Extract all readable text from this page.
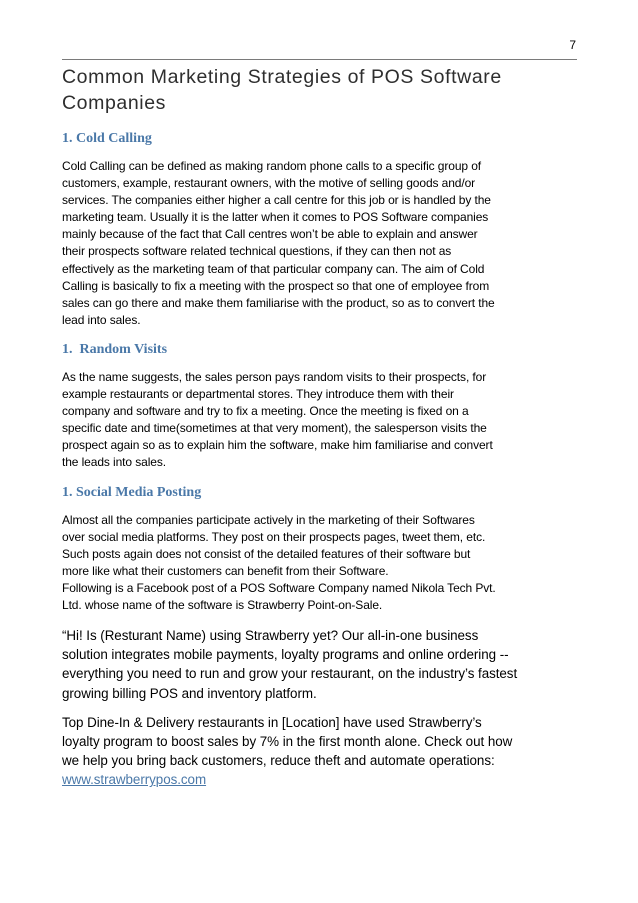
7
Common Marketing Strategies of POS Software
Companies
1. Cold Calling

Cold Calling can be defined as making random phone calls to a specific group of
customers, example, restaurant owners, with the motive of selling goods and/or
services. The companies either higher a call centre for this job or is handled by the
marketing team. Usually it is the latter when it comes to POS Software companies
mainly because of the fact that Call centres won’t be able to explain and answer
their prospects software related technical questions, if they can then not as
effectively as the marketing team of that particular company can. The aim of Cold
Calling is basically to fix a meeting with the prospect so that one of employee from
sales can go there and make them familiarise with the product, so as to convert the
lead into sales.

1.  Random Visits

As the name suggests, the sales person pays random visits to their prospects, for
example restaurants or departmental stores. They introduce them with their
company and software and try to fix a meeting. Once the meeting is fixed on a
specific date and time(sometimes at that very moment), the salesperson visits the
prospect again so as to explain him the software, make him familiarise and convert
the leads into sales.

1. Social Media Posting

Almost all the companies participate actively in the marketing of their Softwares
over social media platforms. They post on their prospects pages, tweet them, etc.
Such posts again does not consist of the detailed features of their software but
more like what their customers can benefit from their Software.
Following is a Facebook post of a POS Software Company named Nikola Tech Pvt.
Ltd. whose name of the software is Strawberry Point-on-Sale.

“Hi! Is (Resturant Name) using Strawberry yet? Our all-in-one business
solution integrates mobile payments, loyalty programs and online ordering --
everything you need to run and grow your restaurant, on the industry’s fastest
growing billing POS and inventory platform.

Top Dine-In & Delivery restaurants in [Location] have used Strawberry’s
loyalty program to boost sales by 7% in the first month alone. Check out how
we help you bring back customers, reduce theft and automate operations:
www.strawberrypos.com
